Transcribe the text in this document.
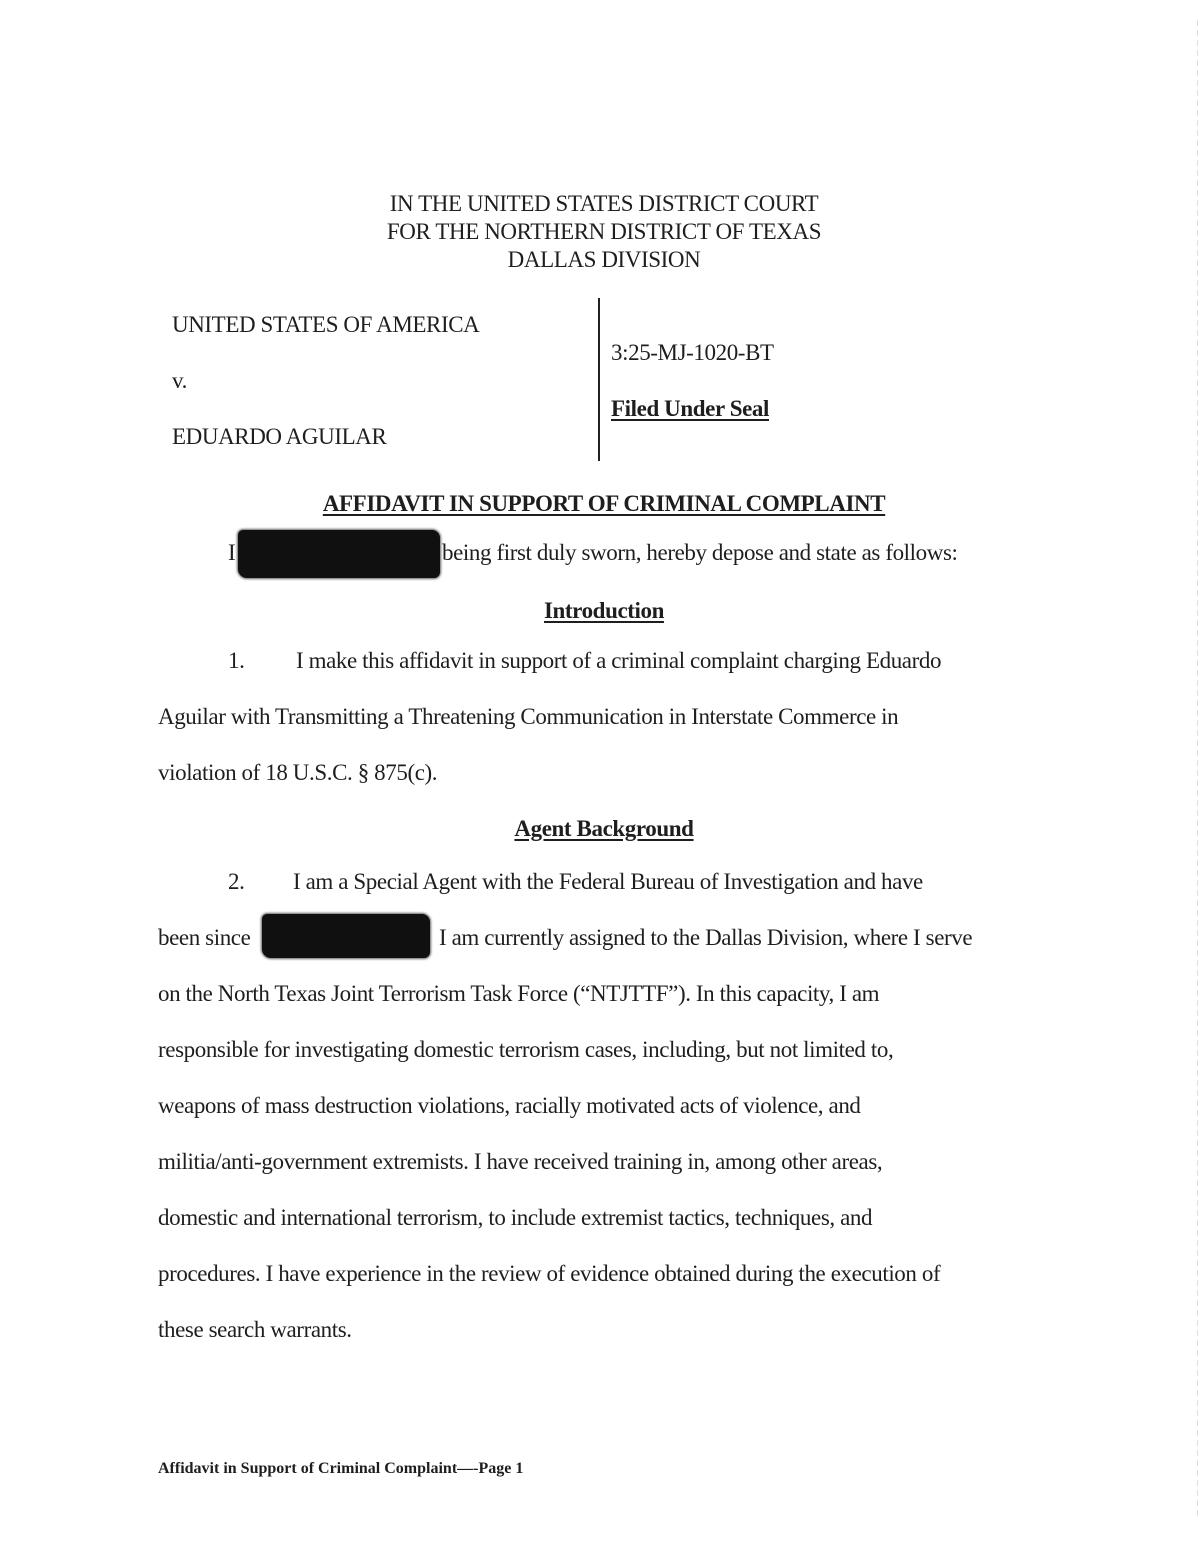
IN THE UNITED STATES DISTRICT COURT
FOR THE NORTHERN DISTRICT OF TEXAS
DALLAS DIVISION
UNITED STATES OF AMERICA
v.
EDUARDO AGUILAR
3:25-MJ-1020-BT
Filed Under Seal
AFFIDAVIT IN SUPPORT OF CRIMINAL COMPLAINT
I	being first duly sworn, hereby depose and state as follows:
Introduction
1. I make this affidavit in support of a criminal complaint charging Eduardo
Aguilar with Transmitting a Threatening Communication in Interstate Commerce in
violation of 18 U.S.C. § 875(c).
Agent Background
2. I am a Special Agent with the Federal Bureau of Investigation and have
been since	I am currently assigned to the Dallas Division, where I serve
on the North Texas Joint Terrorism Task Force (“NTJTTF”). In this capacity, I am
responsible for investigating domestic terrorism cases, including, but not limited to,
weapons of mass destruction violations, racially motivated acts of violence, and
militia/anti-government extremists. I have received training in, among other areas,
domestic and international terrorism, to include extremist tactics, techniques, and
procedures. I have experience in the review of evidence obtained during the execution of
these search warrants.
Affidavit in Support of Criminal Complaint—-Page 1
